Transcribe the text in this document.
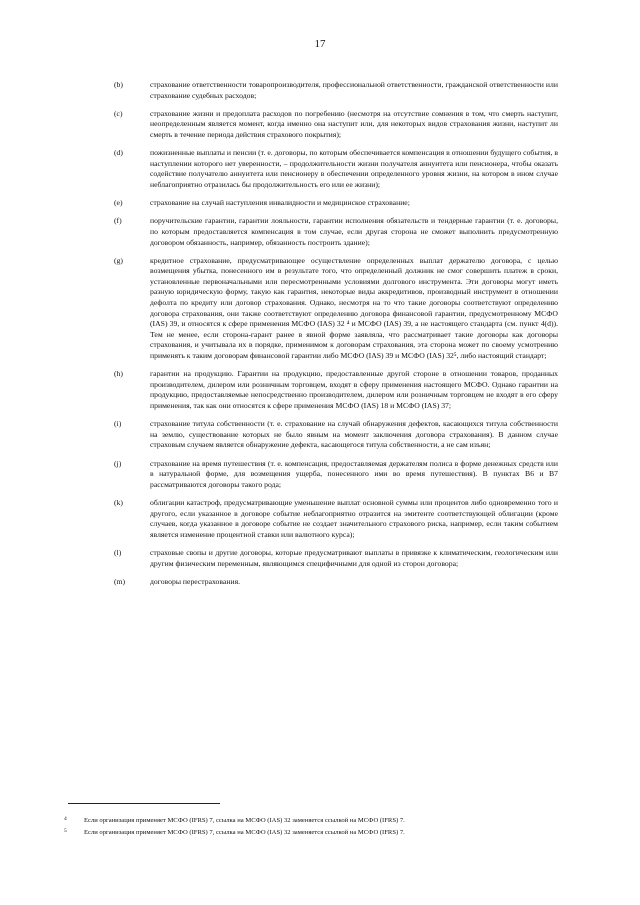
17
(b)	страхование ответственности товаропроизводителя, профессиональной ответственности, гражданской ответственности или страхование судебных расходов;
(c)	страхование жизни и предоплата расходов по погребению (несмотря на отсутствие сомнения в том, что смерть наступит, неопределенным является момент, когда именно она наступит или, для некоторых видов страхования жизни, наступит ли смерть в течение периода действия страхового покрытия);
(d)	пожизненные выплаты и пенсии (т. е. договоры, по которым обеспечивается компенсация в отношении будущего события, в наступлении которого нет уверенности, – продолжительности жизни получателя аннуитета или пенсионера, чтобы оказать содействие получателю аннуитета или пенсионеру в обеспечении определенного уровня жизни, на котором в ином случае неблагоприятно отразилась бы продолжительность его или ее жизни);
(e)	страхование на случай наступления инвалидности и медицинское страхование;
(f)	поручительские гарантии, гарантии лояльности, гарантии исполнения обязательств и тендерные гарантии (т. е. договоры, по которым предоставляется компенсация в том случае, если другая сторона не сможет выполнить предусмотренную договором обязанность, например, обязанность построить здание);
(g)	кредитное страхование, предусматривающее осуществление определенных выплат держателю договора, с целью возмещения убытка, понесенного им в результате того, что определенный должник не смог совершить платеж в сроки, установленные первоначальными или пересмотренными условиями долгового инструмента. Эти договоры могут иметь разную юридическую форму, такую как гарантия, некоторые виды аккредитивов, производный инструмент в отношении дефолта по кредиту или договор страхования. Однако, несмотря на то что такие договоры соответствуют определению договора страхования, они также соответствуют определению договора финансовой гарантии, предусмотренному МСФО (IAS) 39, и относятся к сфере применения МСФО (IAS) 32 ⁴ и МСФО (IAS) 39, а не настоящего стандарта (см. пункт 4(d)). Тем не менее, если сторона-гарант ранее в явной форме заявляла, что рассматривает такие договоры как договоры страхования, и учитывала их в порядке, применимом к договорам страхования, эта сторона может по своему усмотрению применять к таким договорам финансовой гарантии либо МСФО (IAS) 39 и МСФО (IAS) 32⁵, либо настоящий стандарт;
(h)	гарантии на продукцию. Гарантии на продукцию, предоставленные другой стороне в отношении товаров, проданных производителем, дилером или розничным торговцем, входят в сферу применения настоящего МСФО. Однако гарантии на продукцию, предоставляемые непосредственно производителем, дилером или розничным торговцем не входят в его сферу применения, так как они относятся к сфере применения МСФО (IAS) 18 и МСФО (IAS) 37;
(i)	страхование титула собственности (т. е. страхование на случай обнаружения дефектов, касающихся титула собственности на землю, существование которых не было явным на момент заключения договора страхования). В данном случае страховым случаем является обнаружение дефекта, касающегося титула собственности, а не сам изъян;
(j)	страхование на время путешествия (т. е. компенсация, предоставляемая держателям полиса в форме денежных средств или в натуральной форме, для возмещения ущерба, понесенного ими во время путешествия). В пунктах B6 и B7 рассматриваются договоры такого рода;
(k)	облигации катастроф, предусматривающие уменьшение выплат основной суммы или процентов либо одновременно того и другого, если указанное в договоре событие неблагоприятно отразится на эмитенте соответствующей облигации (кроме случаев, когда указанное в договоре событие не создает значительного страхового риска, например, если таким событием является изменение процентной ставки или валютного курса);
(l)	страховые свопы и другие договоры, которые предусматривают выплаты в привязке к климатическим, геологическим или другим физическим переменным, являющимся специфичными для одной из сторон договора;
(m)	договоры перестрахования.
4	Если организация применяет МСФО (IFRS) 7, ссылка на МСФО (IAS) 32 заменяется ссылкой на МСФО (IFRS) 7.
5	Если организация применяет МСФО (IFRS) 7, ссылка на МСФО (IAS) 32 заменяется ссылкой на МСФО (IFRS) 7.
